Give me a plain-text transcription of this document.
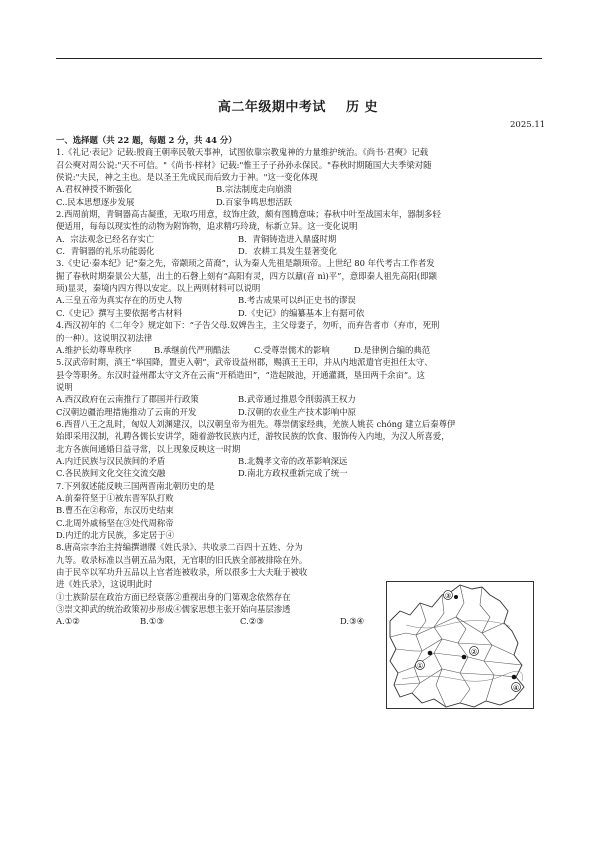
高二年级期中考试    历 史
2025.11
一、选择题（共 22 题，每题 2 分，共 44 分）
1.《礼记·表记》记载:殷商王朝率民敬天事神，试图依靠宗教鬼神的力量维护统治。《尚书·君奭》记载
召公奭对周公说:"天不可信。"《尚书·梓材》记载:"惟王子子孙孙永保民。"春秋时期随国大夫季梁对随
侯说:"夫民，神之主也。是以圣王先成民而后致力于神。"这一变化体现
A.君权神授不断强化	B.宗法制度走向崩溃
C..民本思想逐步发展	D.百家争鸣思想活跃
2.西周前期，青铜器高古凝重，无取巧用意，纹饰庄敛，颇有图腾意味；春秋中叶至战国末年，器制多轻
便适用，每每以现实性的动物为附饰物，追求精巧玲珑，标新立异。这一变化说明
A．宗法观念已经名存实亡	B．青铜铸造进入鼎盛时期
C．青铜器的礼乐功能弱化	D．农耕工具发生显著变化
3.《史记·秦本纪》记“秦之先，帝颛顼之苗裔”，认为秦人先祖是颛顼帝。上世纪 80 年代考古工作者发
掘了春秋时期秦景公大墓，出土的石磬上刻有“高阳有灵，四方以鼐(音 nì)平”，意即秦人祖先高阳(即颛
顼)显灵，秦境内四方得以安定。以上两则材料可以说明
A.三皇五帝为真实存在的历史人物	B.考古成果可以纠正史书的谬误
C.《史记》撰写主要依据考古材料	D.《史记》的编纂基本上有据可依
4.西汉初年的《二年令》规定如下：“子告父母.奴婢告主，主父母妻子，勿听，而弃告者市（弃市，死刑
的一种）。这说明汉初法律
A.维护长幼尊卑秩序	B.承继前代严刑酷法	C.受尊崇儒术的影响	D.是律例合编的典范
5.汉武帝时期，滇王“举国降，置吏入朝”，武帝设益州郡，赐滇王王印，并从内地派遣官吏担任太守、
县令等职务。东汉时益州郡太守文齐在云南“开稻造田”，“造起陂池，开通灌溉，垦田两千余亩”。这
说明
A.西汉政府在云南推行了郡国并行政策	B.武帝通过推恩令削弱滇王权力
C汉朝边疆治理措施推动了云南的开发	D.汉朝的农业生产技术影响中原
6.西晋八王之乱时，匈奴人刘渊建汉，以汉朝皇帝为祖先。尊崇儒家经典，羌族人姚苌 chóng 建立后秦尊伊
始即采用汉制，礼聘各儒长安讲学，随着游牧民族内迁，游牧民族的饮食、服饰传入内地，为汉人所喜爱，
北方各族间通婚日益寻常，以上现象反映这一时期
A.内迁民族与汉民族间的矛盾	B.北魏孝文帝的改革影响深远
C.各民族间文化交往交流交融	D.南北方政权重新完成了统一
7.下列叙述能反映三国两晋南北朝历史的是
A.前秦符坚于①被东晋军队打败
B.曹丕在②称帝，东汉历史结束
C.北周外戚杨坚在③处代周称帝
D.内迁的北方民族，多定居于④
8.唐高宗李治主持编撰谱牒《姓氏录》、共收录二百四十五姓、分为
九等。收录标准以当朝五品为限，无官职的旧氏族全部被排除在外。
由于民卒以军功升五品以上官者连被收录，所以很多士大夫耻于被收
进《姓氏录》，这说明此时
①士族阶层在政治方面已经衰落②重视出身的门第观念依然存在
③崇文抑武的统治政策初步形成④儒家思想主张开始向基层渗透
A.①②	B.①③	C.②③	D.③④
③
①
②
④
